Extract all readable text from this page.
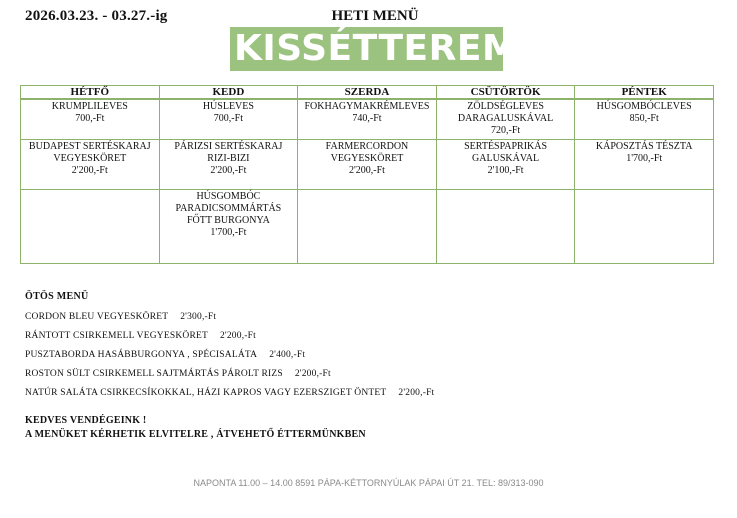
2026.03.23. - 03.27.-ig	HETI MENÜ
KISSÉTTEREM
HÉTFŐ	KEDD	SZERDA	CSÜTÖRTÖK	PÉNTEK

KRUMPLILEVES
700,-Ft	HÚSLEVES
700,-Ft	FOKHAGYMAKRÉMLEVES
740,-Ft	ZÖLDSÉGLEVES
DARAGALUSKÁVAL
720,-Ft	HÚSGOMBÓCLEVES
850,-Ft

BUDAPEST SERTÉSKARAJ
VEGYESKÖRET
2'200,-Ft	PÁRIZSI SERTÉSKARAJ
RIZI-BIZI
2'200,-Ft	FARMERCORDON
VEGYESKÖRET
2'200,-Ft	SERTÉSPAPRIKÁS
GALUSKÁVAL
2'100,-Ft	KÁPOSZTÁS TÉSZTA
1'700,-Ft

	HÚSGOMBÓC
PARADICSOMMÁRTÁS
FŐTT BURGONYA
1'700,-Ft			

ÖTÖS MENÜ
CORDON BLEU VEGYESKÖRET 2'300,-Ft
RÁNTOTT CSIRKEMELL VEGYESKÖRET 2'200,-Ft
PUSZTABORDA HASÁBBURGONYA , SPÉCISALÁTA 2'400,-Ft
ROSTON SÜLT CSIRKEMELL SAJTMÁRTÁS PÁROLT RIZS 2'200,-Ft
NATÚR SALÁTA CSIRKECSÍKOKKAL, HÁZI KAPROS VAGY EZERSZIGET ÖNTET 2'200,-Ft
KEDVES VENDÉGEINK !
A MENÜKET KÉRHETIK ELVITELRE , ÁTVEHETŐ ÉTTERMÜNKBEN
NAPONTA 11.00 – 14.00 8591 PÁPA-KÉTTORNYÚLAK PÁPAI ÚT 21. TEL: 89/313-090
